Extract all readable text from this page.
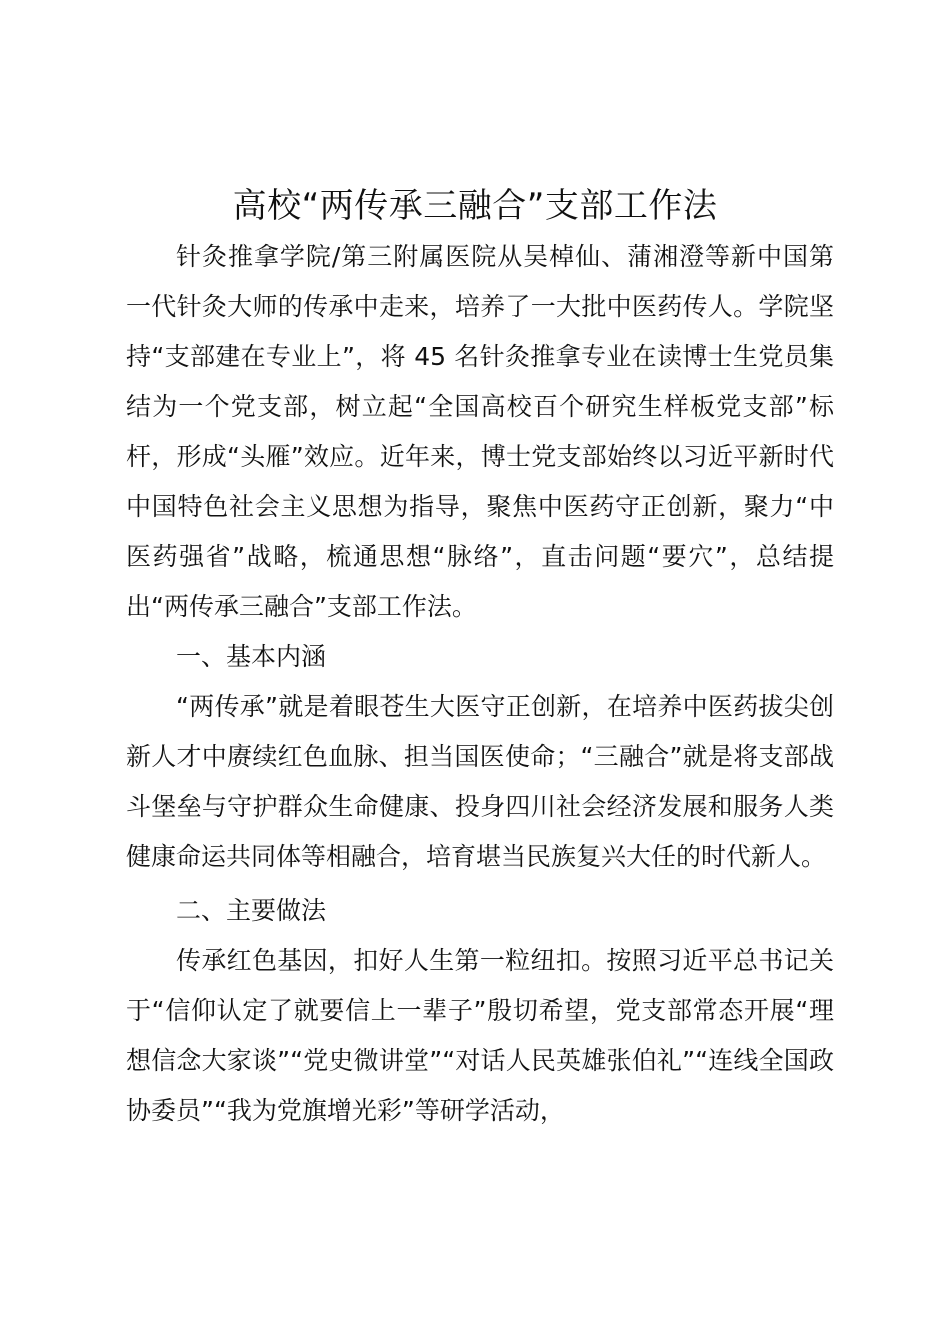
高校“两传承三融合”支部工作法

针灸推拿学院/第三附属医院从吴棹仙、蒲湘澄等新中国第一代针灸大师的传承中走来，培养了一大批中医药传人。学院坚持“支部建在专业上”，将 45 名针灸推拿专业在读博士生党员集结为一个党支部，树立起“全国高校百个研究生样板党支部”标杆，形成“头雁”效应。近年来，博士党支部始终以习近平新时代中国特色社会主义思想为指导，聚焦中医药守正创新，聚力“中医药强省”战略，梳通思想“脉络”，直击问题“要穴”，总结提出“两传承三融合”支部工作法。

一、基本内涵

“两传承”就是着眼苍生大医守正创新，在培养中医药拔尖创新人才中赓续红色血脉、担当国医使命；“三融合”就是将支部战斗堡垒与守护群众生命健康、投身四川社会经济发展和服务人类健康命运共同体等相融合，培育堪当民族复兴大任的时代新人。

二、主要做法

传承红色基因，扣好人生第一粒纽扣。按照习近平总书记关于“信仰认定了就要信上一辈子”殷切希望，党支部常态开展“理想信念大家谈”“党史微讲堂”“对话人民英雄张伯礼”“连线全国政协委员”“我为党旗增光彩”等研学活动，
